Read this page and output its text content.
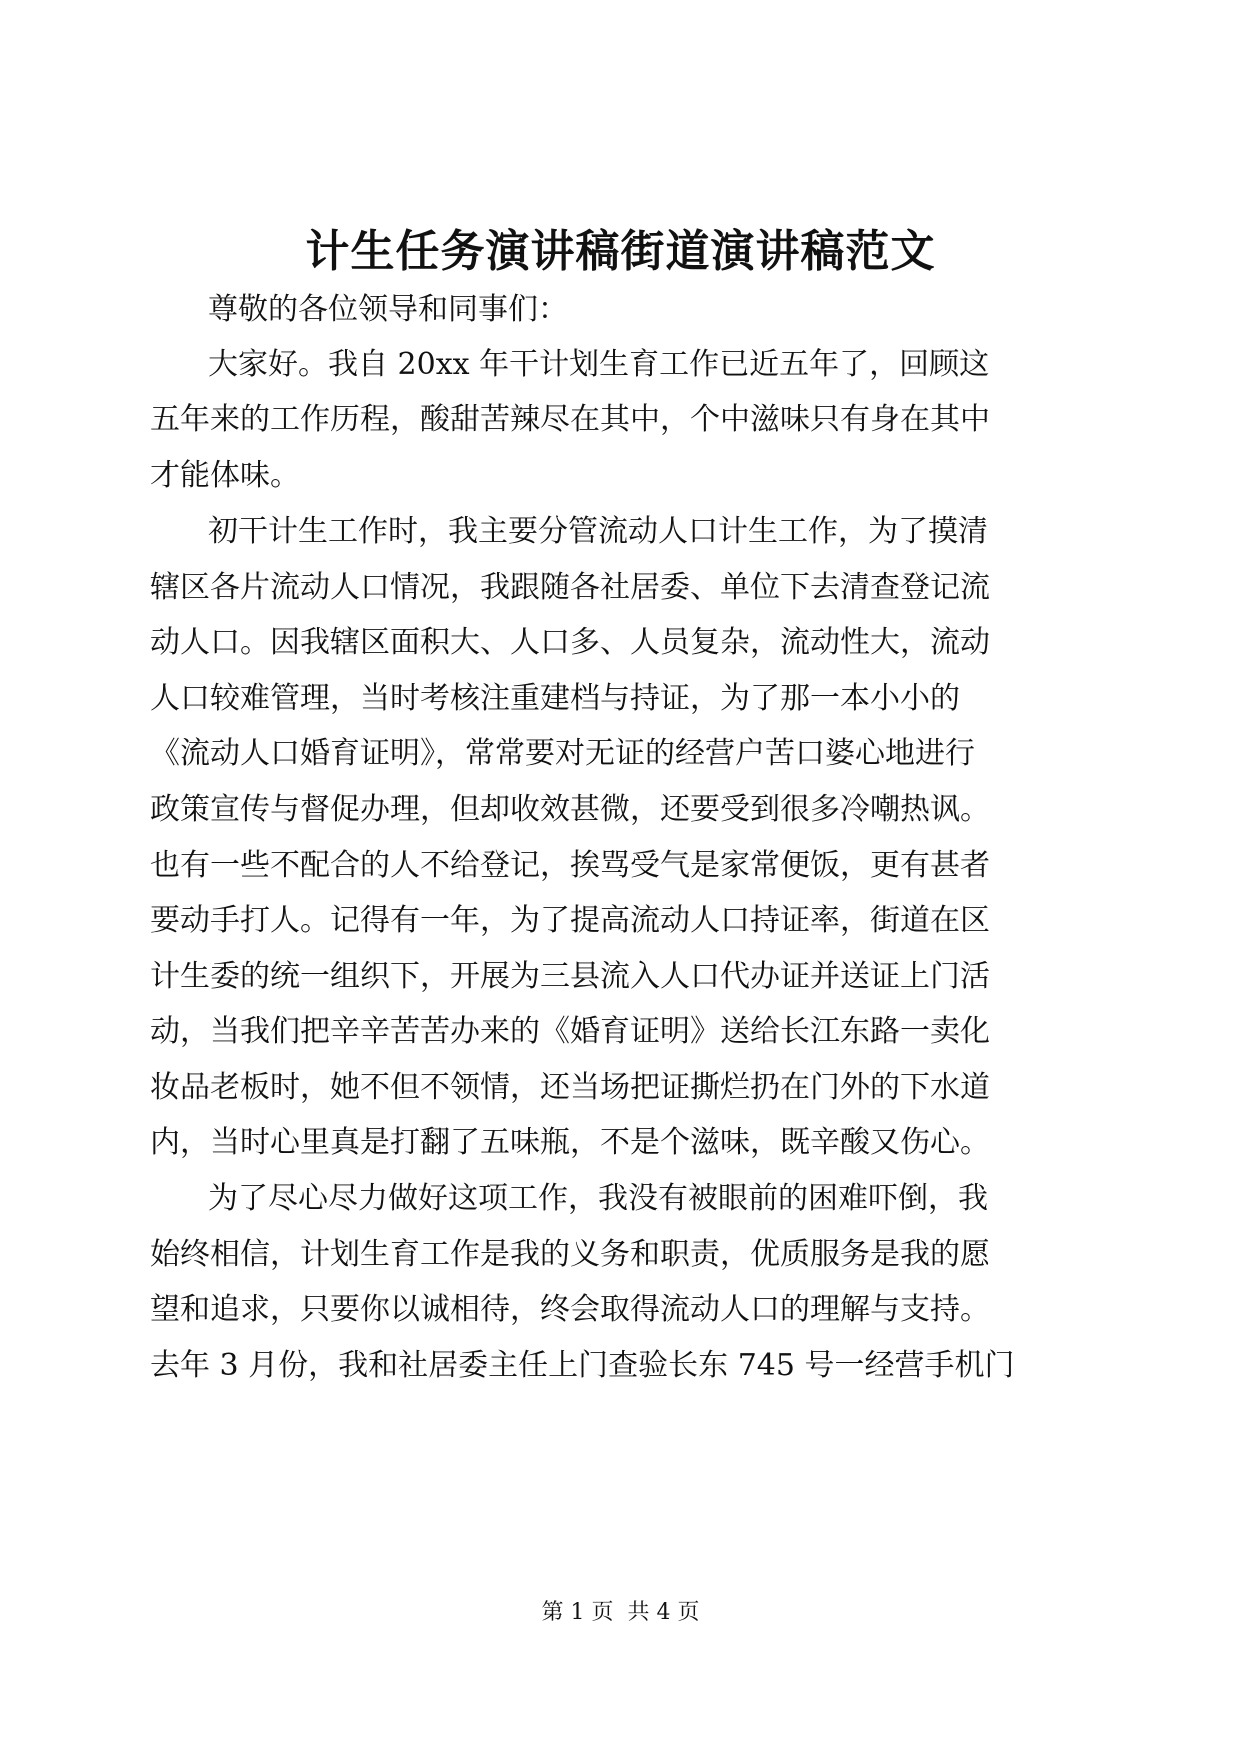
计生任务演讲稿街道演讲稿范文

尊敬的各位领导和同事们：

大家好。我自 20xx 年干计划生育工作已近五年了，回顾这

五年来的工作历程，酸甜苦辣尽在其中，个中滋味只有身在其中

才能体味。

初干计生工作时，我主要分管流动人口计生工作，为了摸清

辖区各片流动人口情况，我跟随各社居委、单位下去清查登记流

动人口。因我辖区面积大、人口多、人员复杂，流动性大，流动

人口较难管理，当时考核注重建档与持证，为了那一本小小的

《流动人口婚育证明》，常常要对无证的经营户苦口婆心地进行

政策宣传与督促办理，但却收效甚微，还要受到很多冷嘲热讽。

也有一些不配合的人不给登记，挨骂受气是家常便饭，更有甚者

要动手打人。记得有一年，为了提高流动人口持证率，街道在区

计生委的统一组织下，开展为三县流入人口代办证并送证上门活

动，当我们把辛辛苦苦办来的《婚育证明》送给长江东路一卖化

妆品老板时，她不但不领情，还当场把证撕烂扔在门外的下水道

内，当时心里真是打翻了五味瓶，不是个滋味，既辛酸又伤心。

为了尽心尽力做好这项工作，我没有被眼前的困难吓倒，我

始终相信，计划生育工作是我的义务和职责，优质服务是我的愿

望和追求，只要你以诚相待，终会取得流动人口的理解与支持。

去年 3 月份，我和社居委主任上门查验长东 745 号一经营手机门

第 1 页  共 4 页
